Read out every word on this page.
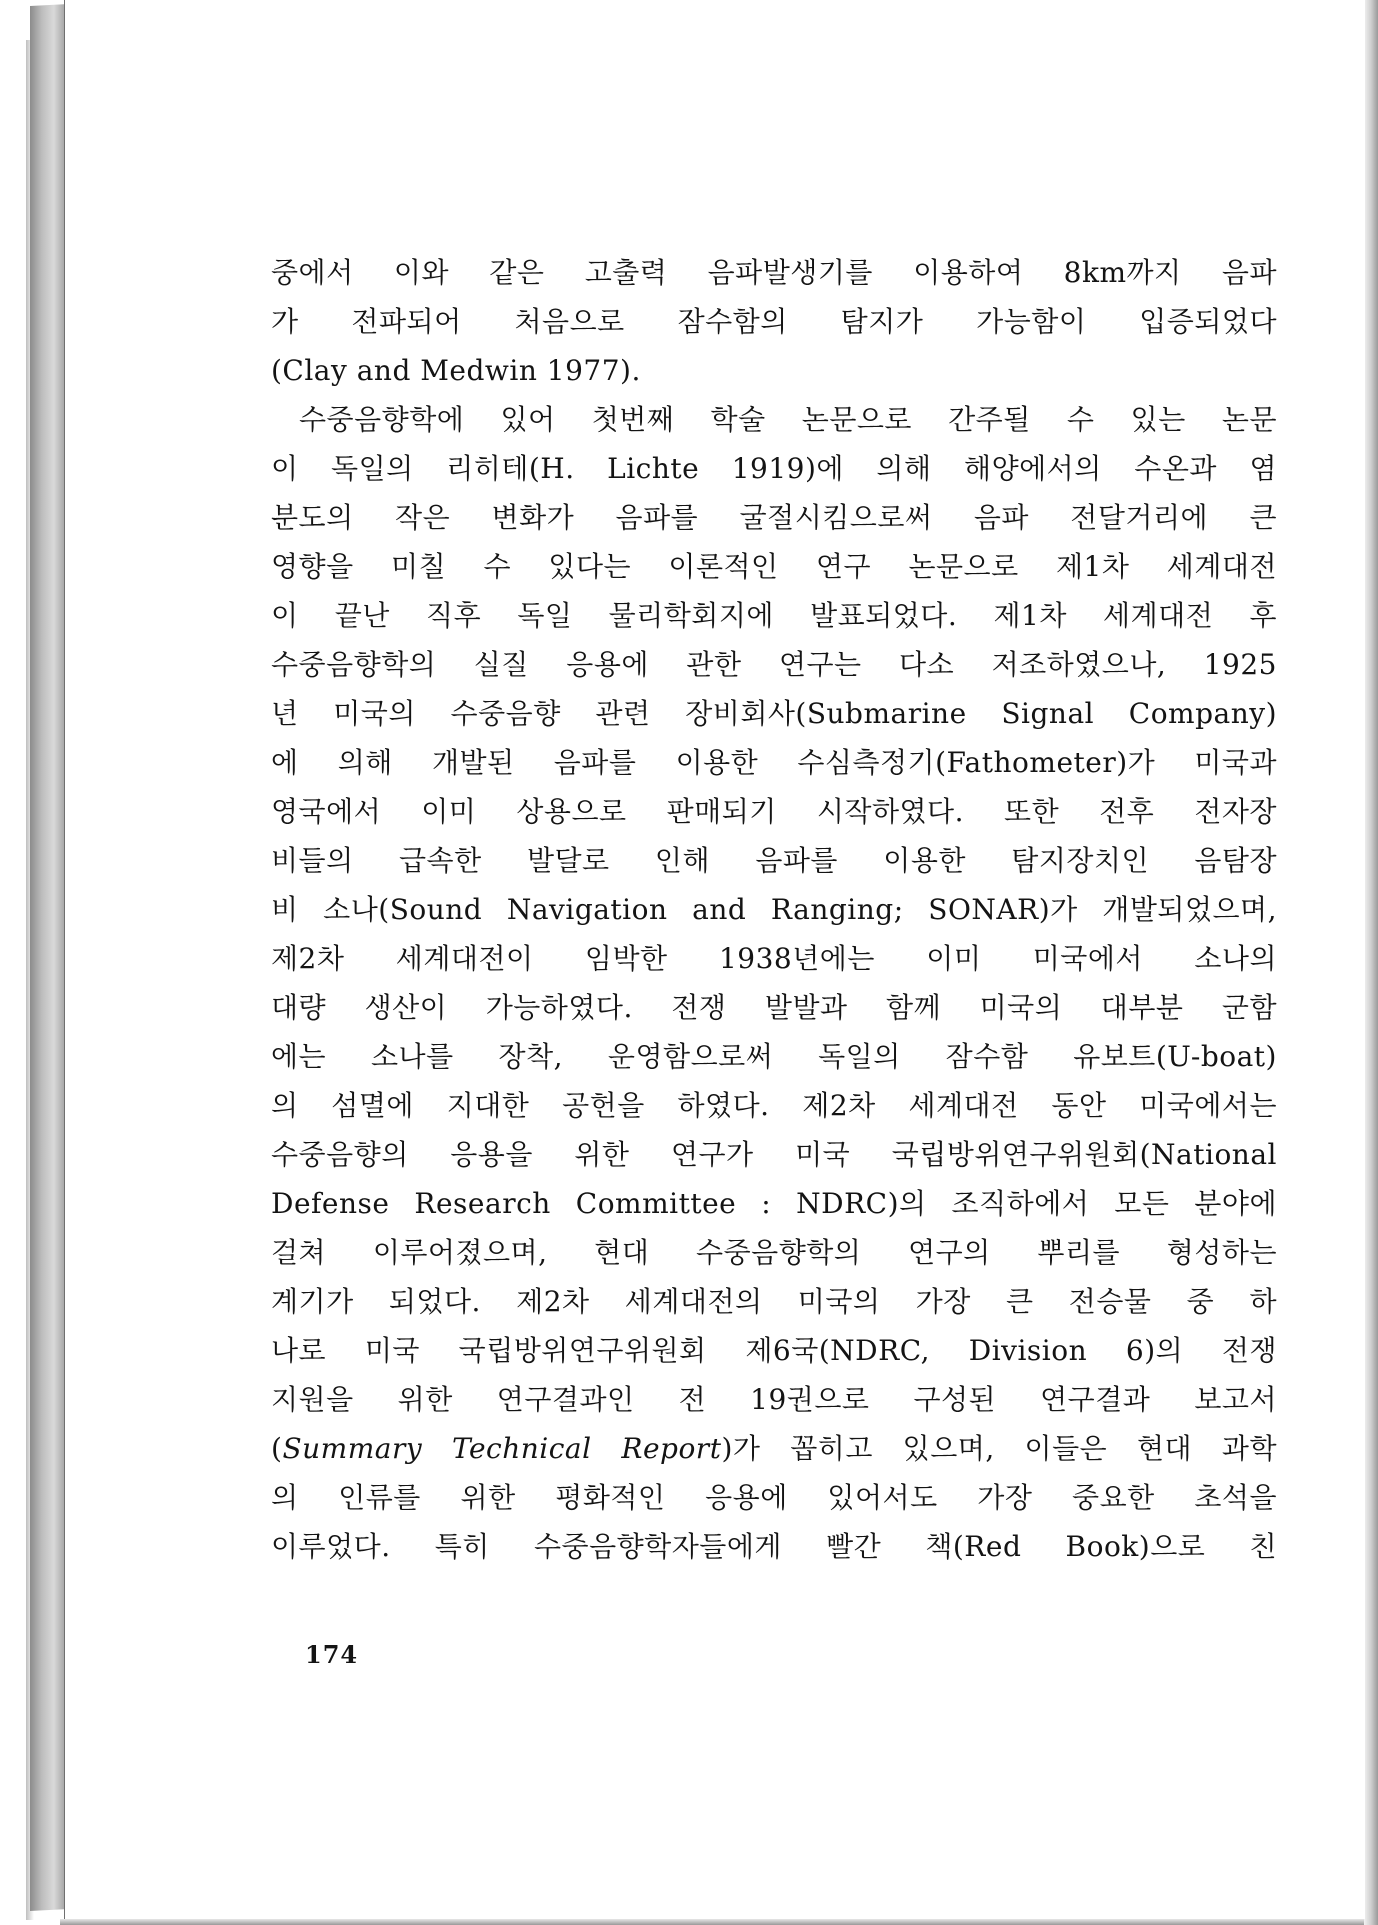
중에서 이와 같은 고출력 음파발생기를 이용하여 8km까지 음파
가 전파되어 처음으로 잠수함의 탐지가 가능함이 입증되었다
(Clay and Medwin 1977).
수중음향학에 있어 첫번째 학술 논문으로 간주될 수 있는 논문
이 독일의 리히테(H. Lichte 1919)에 의해 해양에서의 수온과 염
분도의 작은 변화가 음파를 굴절시킴으로써 음파 전달거리에 큰
영향을 미칠 수 있다는 이론적인 연구 논문으로 제1차 세계대전
이 끝난 직후 독일 물리학회지에 발표되었다. 제1차 세계대전 후
수중음향학의 실질 응용에 관한 연구는 다소 저조하였으나, 1925
년 미국의 수중음향 관련 장비회사(Submarine Signal Company)
에 의해 개발된 음파를 이용한 수심측정기(Fathometer)가 미국과
영국에서 이미 상용으로 판매되기 시작하였다. 또한 전후 전자장
비들의 급속한 발달로 인해 음파를 이용한 탐지장치인 음탐장
비 소나(Sound Navigation and Ranging; SONAR)가 개발되었으며,
제2차 세계대전이 임박한 1938년에는 이미 미국에서 소나의
대량 생산이 가능하였다. 전쟁 발발과 함께 미국의 대부분 군함
에는 소나를 장착, 운영함으로써 독일의 잠수함 유보트(U-boat)
의 섬멸에 지대한 공헌을 하였다. 제2차 세계대전 동안 미국에서는
수중음향의 응용을 위한 연구가 미국 국립방위연구위원회(National
Defense Research Committee : NDRC)의 조직하에서 모든 분야에
걸쳐 이루어졌으며, 현대 수중음향학의 연구의 뿌리를 형성하는
계기가 되었다. 제2차 세계대전의 미국의 가장 큰 전승물 중 하
나로 미국 국립방위연구위원회 제6국(NDRC, Division 6)의 전쟁
지원을 위한 연구결과인 전 19권으로 구성된 연구결과 보고서
(Summary Technical Report)가 꼽히고 있으며, 이들은 현대 과학
의 인류를 위한 평화적인 응용에 있어서도 가장 중요한 초석을
이루었다. 특히 수중음향학자들에게 빨간 책(Red Book)으로 친
174
